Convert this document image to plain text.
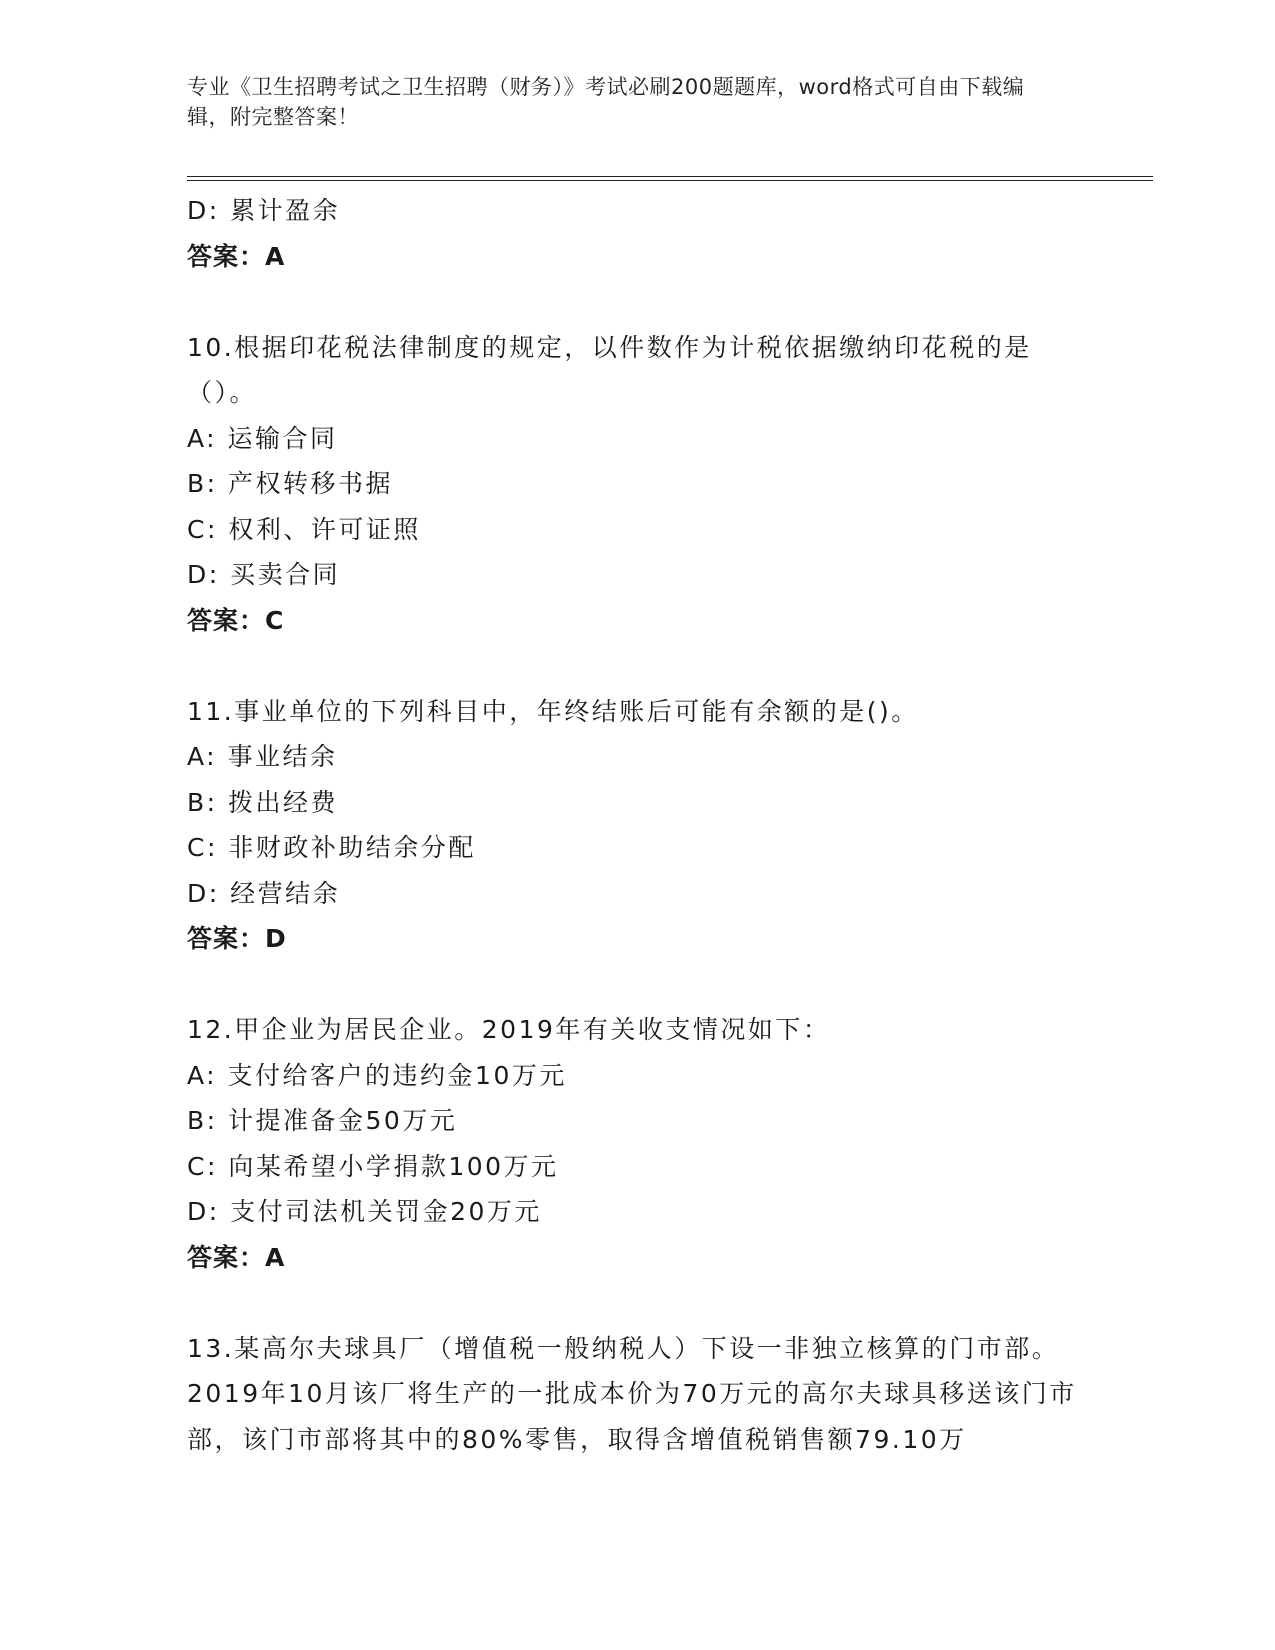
专业《卫生招聘考试之卫生招聘（财务）》考试必刷200题题库，word格式可自由下载编辑，附完整答案！
D: 累计盈余
答案：A
10.根据印花税法律制度的规定，以件数作为计税依据缴纳印花税的是（）。
A: 运输合同
B: 产权转移书据
C: 权利、许可证照
D: 买卖合同
答案：C
11.事业单位的下列科目中，年终结账后可能有余额的是()。
A: 事业结余
B: 拨出经费
C: 非财政补助结余分配
D: 经营结余
答案：D
12.甲企业为居民企业。2019年有关收支情况如下：
A: 支付给客户的违约金10万元
B: 计提准备金50万元
C: 向某希望小学捐款100万元
D: 支付司法机关罚金20万元
答案：A
13.某高尔夫球具厂（增值税一般纳税人）下设一非独立核算的门市部。2019年10月该厂将生产的一批成本价为70万元的高尔夫球具移送该门市部，该门市部将其中的80%零售，取得含增值税销售额79.10万
